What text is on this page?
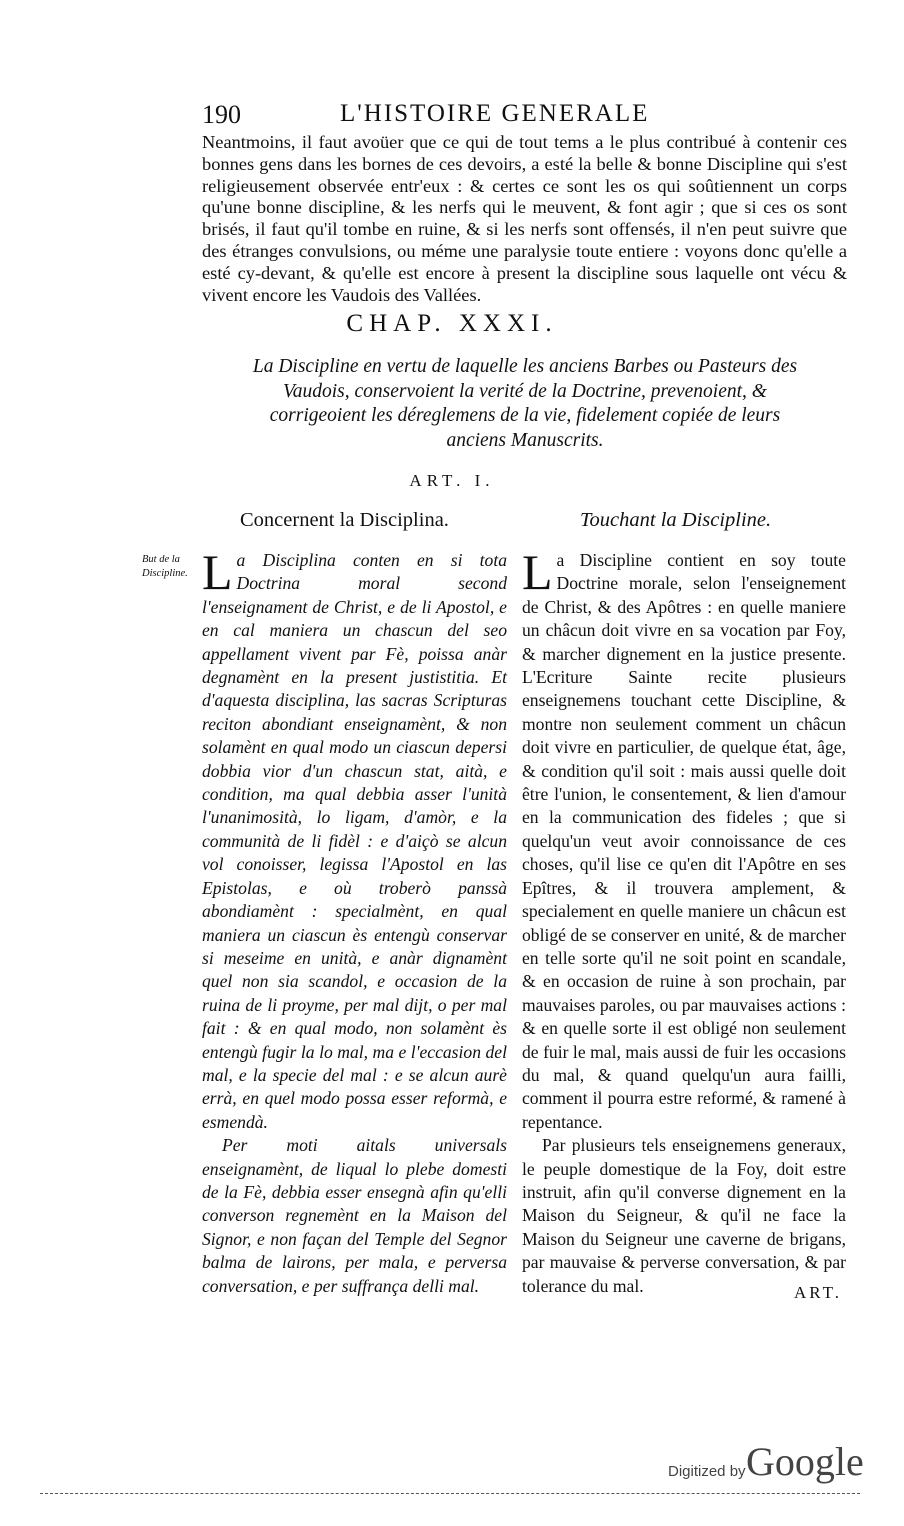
190	L'HISTOIRE GENERALE

Neantmoins, il faut avoüer que ce qui de tout tems a le plus contribué à contenir ces bonnes gens dans les bornes de ces devoirs, a esté la belle & bonne Discipline qui s'est religieusement observée entr'eux : & certes ce sont les os qui soûtiennent un corps qu'une bonne discipline, & les nerfs qui le meuvent, & font agir ; que si ces os sont brisés, il faut qu'il tombe en ruine, & si les nerfs sont offensés, il n'en peut suivre que des étranges convulsions, ou méme une paralysie toute entiere : voyons donc qu'elle a esté cy-devant, & qu'elle est encore à present la discipline sous laquelle ont vécu & vivent encore les Vaudois des Vallées.

CHAP. XXXI.
La Discipline en vertu de laquelle les anciens Barbes ou Pasteurs des Vaudois, conservoient la verité de la Doctrine, prevenoient, & corrigeoient les déreglemens de la vie, fidelement copiée de leurs anciens Manuscrits.
ART. I.
Concernent la Disciplina.	Touchant la Discipline.
But de la Discipline. La Disciplina conten en si tota Doctrina moral second l'enseignament de Christ, e de li Apostol, e en cal maniera un chascun del seo appellament vivent par Fè, poissa anàr degnamènt en la present justistitia. Et d'aquesta disciplina, las sacras Scripturas reciton abondiant enseignamènt, & non solamènt en qual modo un ciascun depersi dobbia vior d'un chascun stat, aità, e condition, ma qual debbia asser l'unità l'unanimosità, lo ligam, d'amòr, e la communità de li fidèl : e d'aiçò se alcun vol conoisser, legissa l'Apostol en las Epistolas, e où troberò panssà abondiamènt : specialmènt, en qual maniera un ciascun ès entengù conservar si meseime en unità, e anàr dignamènt quel non sia scandol, e occasion de la ruina de li proyme, per mal dijt, o per mal fait : & en qual modo, non solamènt ès entengù fugir la lo mal, ma e l'eccasion del mal, e la specie del mal : e se alcun aurè errà, en quel modo possa esser reformà, e esmendà.

Per moti aitals universals enseignamènt, de liqual lo plebe domesti de la Fè, debbia esser ensegnà afin qu'elli converson regnemènt en la Maison del Signor, e non façan del Temple del Segnor balma de lairons, per mala, e perversa conversation, e per suffrança delli mal.

La Discipline contient en soy toute Doctrine morale, selon l'enseignement de Christ, & des Apôtres : en quelle maniere un châcun doit vivre en sa vocation par Foy, & marcher dignement en la justice presente. L'Ecriture Sainte recite plusieurs enseignemens touchant cette Discipline, & montre non seulement comment un châcun doit vivre en particulier, de quelque état, âge, & condition qu'il soit : mais aussi quelle doit être l'union, le consentement, & lien d'amour en la communication des fideles ; que si quelqu'un veut avoir connoissance de ces choses, qu'il lise ce qu'en dit l'Apôtre en ses Epîtres, & il trouvera amplement, & specialement en quelle maniere un châcun est obligé de se conserver en unité, & de marcher en telle sorte qu'il ne soit point en scandale, & en occasion de ruine à son prochain, par mauvaises paroles, ou par mauvaises actions : & en quelle sorte il est obligé non seulement de fuir le mal, mais aussi de fuir les occasions du mal, & quand quelqu'un aura failli, comment il pourra estre reformé, & ramené à repentance.

Par plusieurs tels enseignemens generaux, le peuple domestique de la Foy, doit estre instruit, afin qu'il converse dignement en la Maison du Seigneur, & qu'il ne face la Maison du Seigneur une caverne de brigans, par mauvaise & perverse conversation, & par tolerance du mal.	ART.
Digitized by Google
